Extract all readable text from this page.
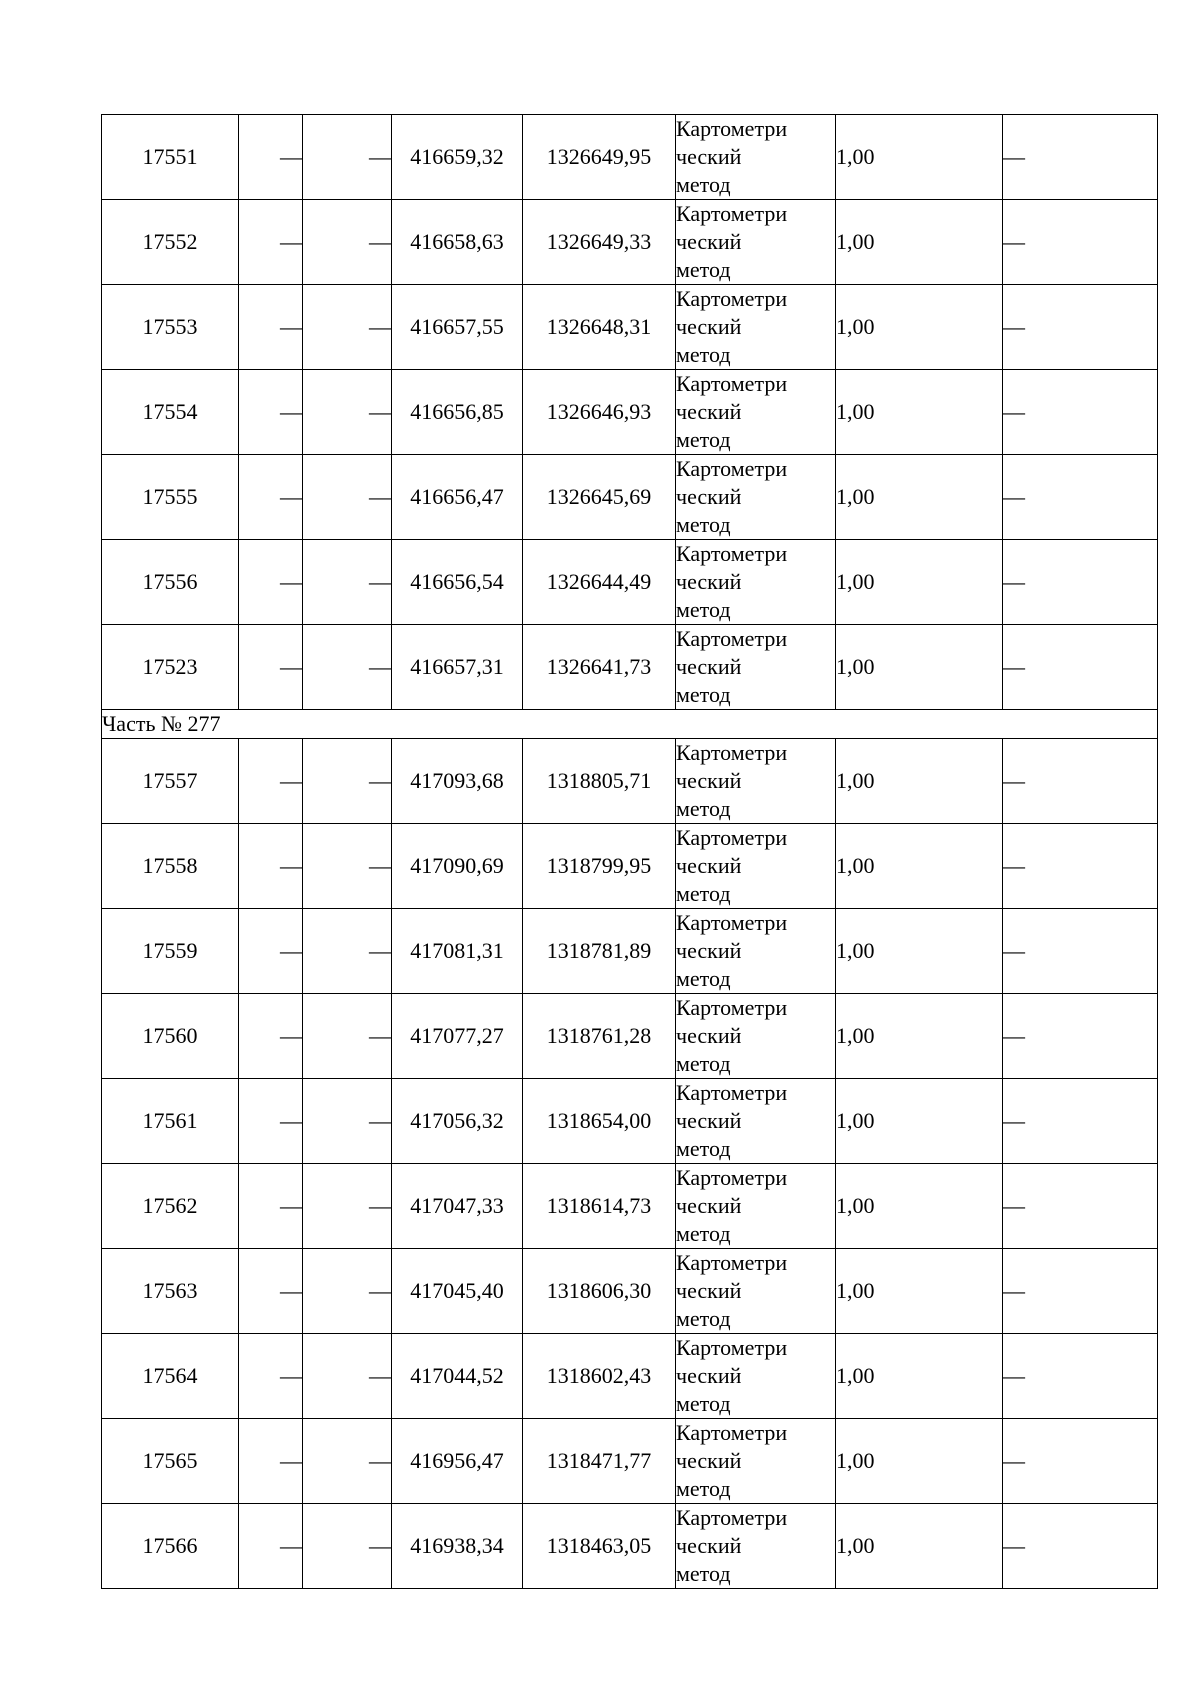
17551	—	—	416659,32	1326649,95	Картометри
ческий
метод	1,00	—
17552	—	—	416658,63	1326649,33	Картометри
ческий
метод	1,00	—
17553	—	—	416657,55	1326648,31	Картометри
ческий
метод	1,00	—
17554	—	—	416656,85	1326646,93	Картометри
ческий
метод	1,00	—
17555	—	—	416656,47	1326645,69	Картометри
ческий
метод	1,00	—
17556	—	—	416656,54	1326644,49	Картометри
ческий
метод	1,00	—
17523	—	—	416657,31	1326641,73	Картометри
ческий
метод	1,00	—
Часть № 277							
17557	—	—	417093,68	1318805,71	Картометри
ческий
метод	1,00	—
17558	—	—	417090,69	1318799,95	Картометри
ческий
метод	1,00	—
17559	—	—	417081,31	1318781,89	Картометри
ческий
метод	1,00	—
17560	—	—	417077,27	1318761,28	Картометри
ческий
метод	1,00	—
17561	—	—	417056,32	1318654,00	Картометри
ческий
метод	1,00	—
17562	—	—	417047,33	1318614,73	Картометри
ческий
метод	1,00	—
17563	—	—	417045,40	1318606,30	Картометри
ческий
метод	1,00	—
17564	—	—	417044,52	1318602,43	Картометри
ческий
метод	1,00	—
17565	—	—	416956,47	1318471,77	Картометри
ческий
метод	1,00	—
17566	—	—	416938,34	1318463,05	Картометри
ческий
метод	1,00	—
